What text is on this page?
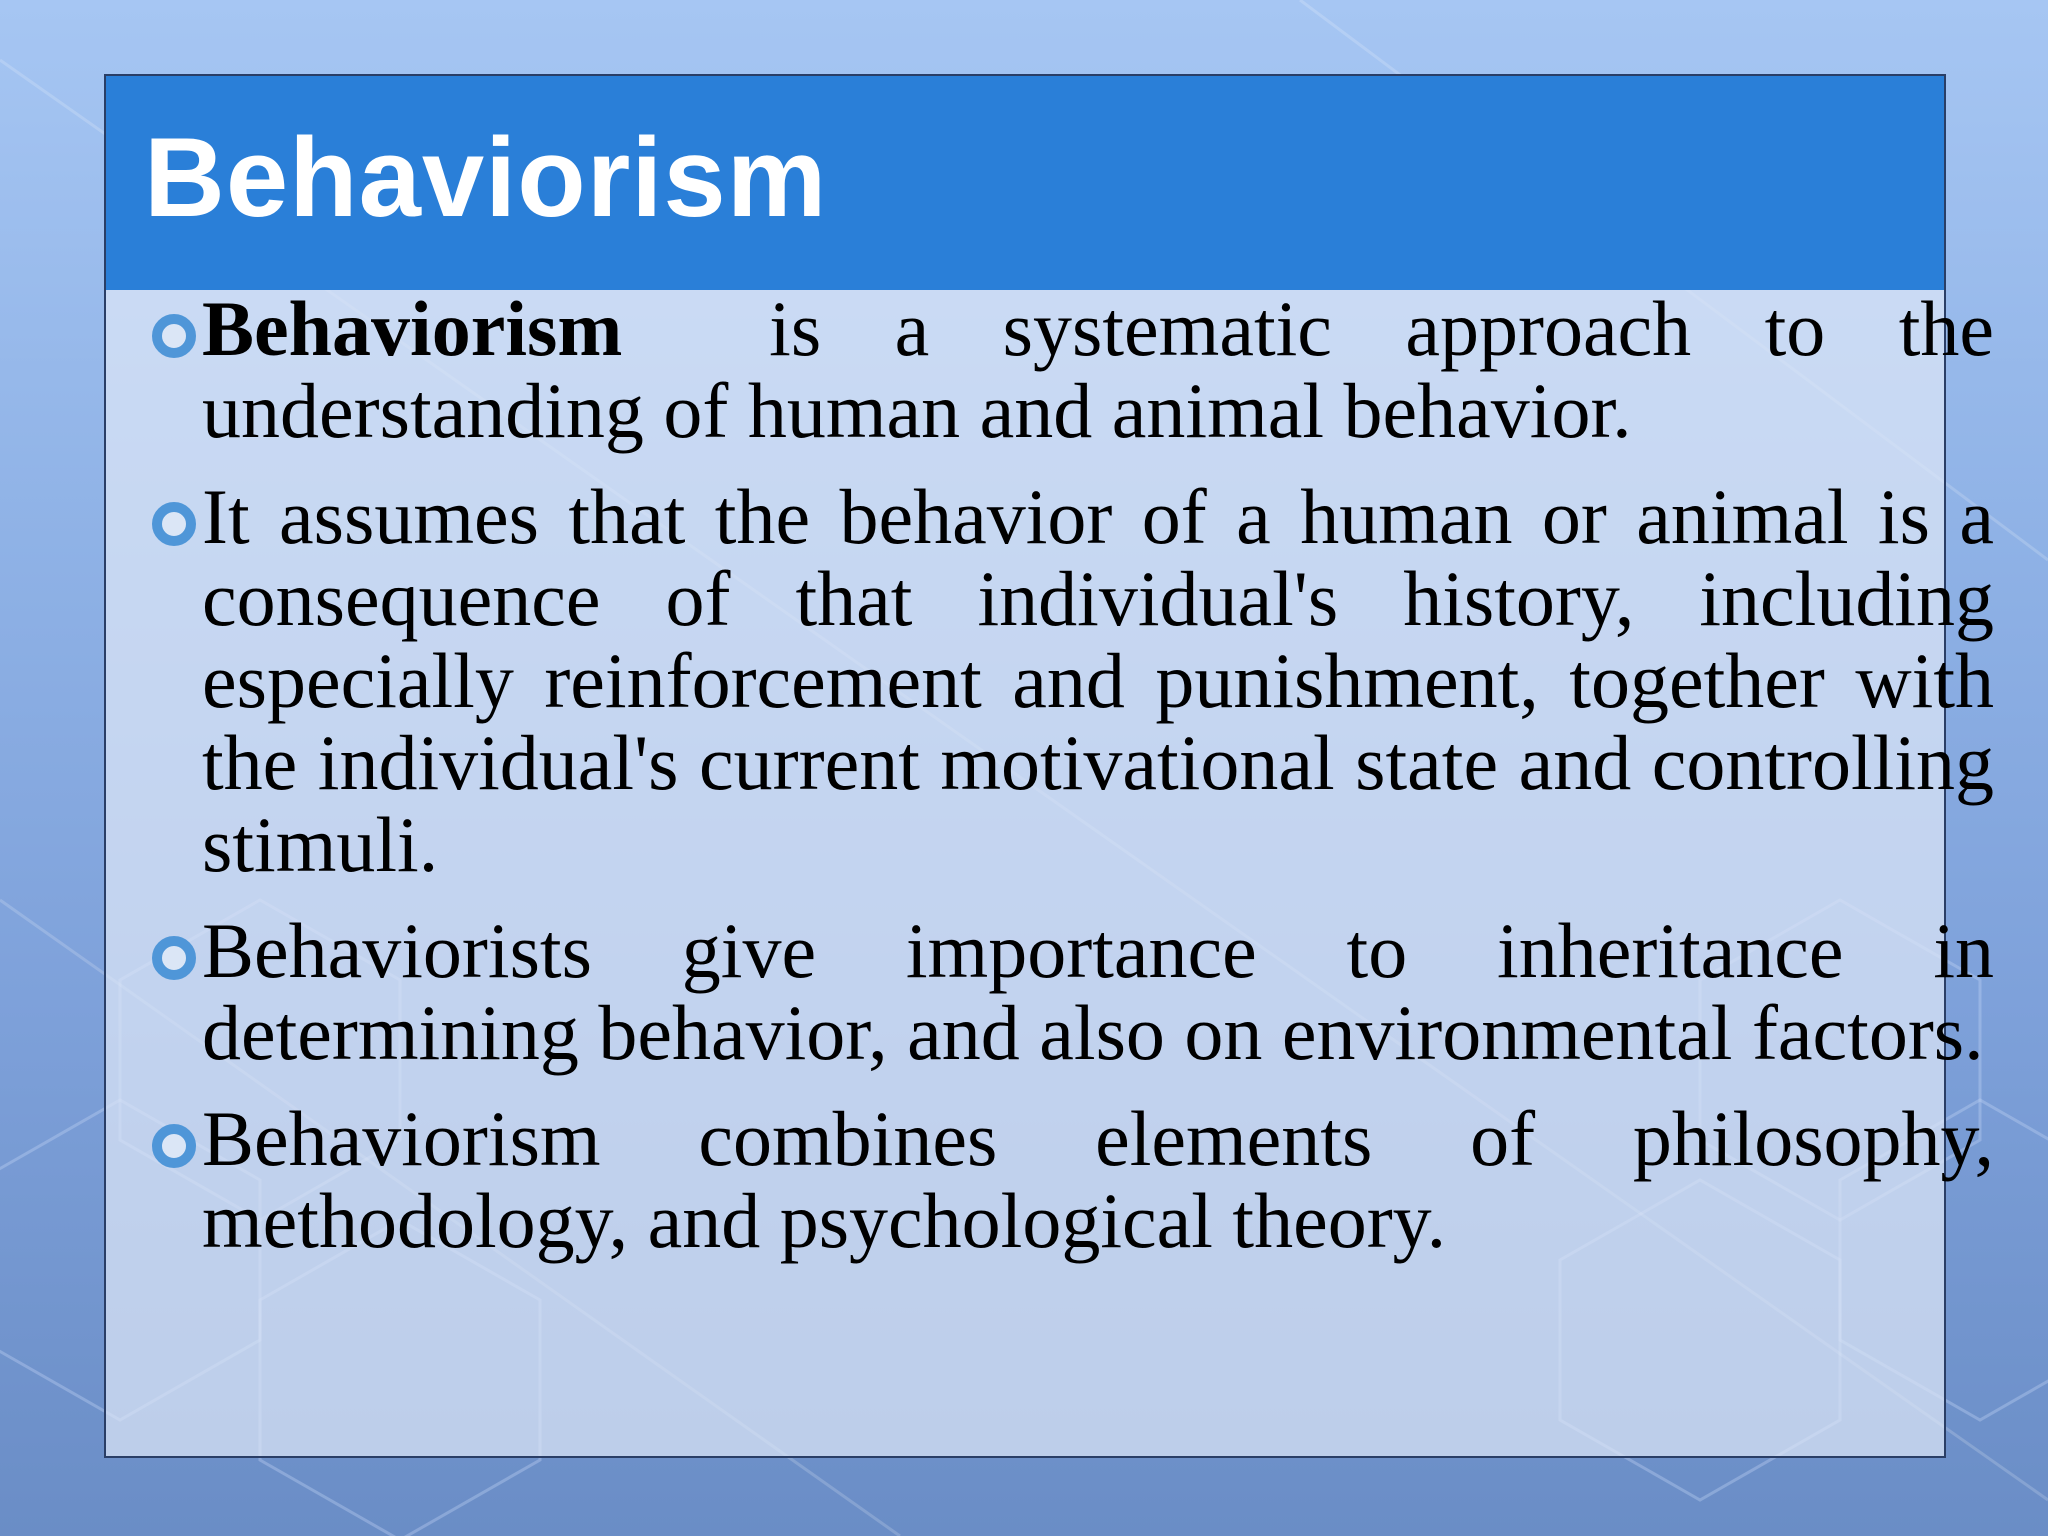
Behaviorism
Behaviorism  is a systematic approach to the understanding of human and animal behavior.
It assumes that the behavior of a human or animal is a consequence of that individual's history, including especially reinforcement and punishment, together with the individual's current motivational state and controlling stimuli.
Behaviorists give importance to inheritance in determining behavior, and also on environmental factors.
Behaviorism combines elements of philosophy, methodology, and psychological theory.
